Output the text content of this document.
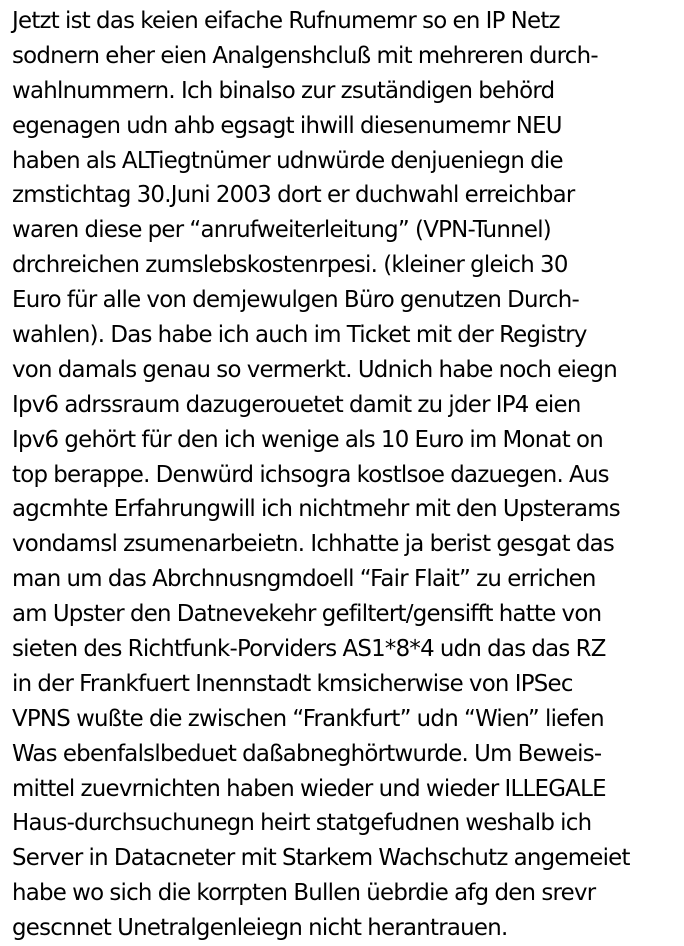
Jetzt ist das keien eifache Rufnumemr so en IP Netz
sodnern eher eien Analgenshcluß mit mehreren durch-
wahlnummern. Ich binalso zur zsutändigen behörd
egenagen udn ahb egsagt ihwill diesenumemr NEU
haben als ALTiegtnümer udnwürde denjueniegn die
zmstichtag 30.Juni 2003 dort er duchwahl erreichbar
waren diese per “anrufweiterleitung” (VPN-Tunnel)
drchreichen zumslebskostenrpesi. (kleiner gleich 30
Euro für alle von demjewulgen Büro genutzen Durch-
wahlen). Das habe ich auch im Ticket mit der Registry
von damals genau so vermerkt. Udnich habe noch eiegn
Ipv6 adrssraum dazugerouetet damit zu jder IP4 eien
Ipv6 gehört für den ich wenige als 10 Euro im Monat on
top berappe. Denwürd ichsogra kostlsoe dazuegen. Aus
agcmhte Erfahrungwill ich nichtmehr mit den Upsterams
vondamsl zsumenarbeietn. Ichhatte ja berist gesgat das
man um das Abrchnusngmdoell “Fair Flait” zu errichen
am Upster den Datnevekehr gefiltert/gensifft hatte von
sieten des Richtfunk-Porviders AS1*8*4 udn das das RZ
in der Frankfuert Inennstadt kmsicherwise von IPSec
VPNS wußte die zwischen “Frankfurt” udn “Wien” liefen
Was ebenfalslbeduet daßabneghörtwurde. Um Beweis-
mittel zuevrnichten haben wieder und wieder ILLEGALE
Haus-durchsuchunegn heirt statgefudnen weshalb ich
Server in Datacneter mit Starkem Wachschutz angemeiet
habe wo sich die korrpten Bullen üebrdie afg den srevr
gescnnet Unetralgenleiegn nicht herantrauen.
